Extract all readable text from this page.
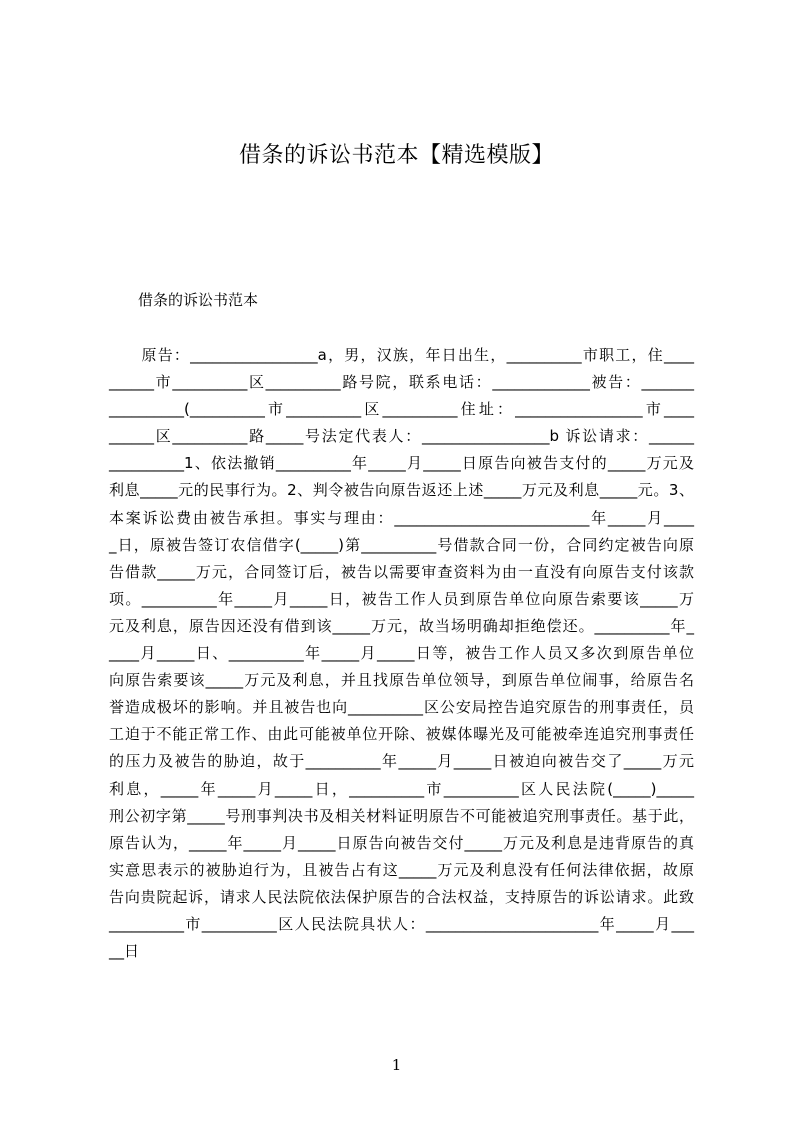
借条的诉讼书范本【精选模版】
借条的诉讼书范本
　　原告：_________________a，男，汉族，年日出生，__________市职工，住____
______市__________区__________路号院，联系电话：_____________被告：_______
__________(__________市__________区__________住址：_________________市____
______区__________路_____号法定代表人：_________________b 诉讼请求：______
__________1、依法撤销__________年_____月_____日原告向被告支付的_____万元及
利息_____元的民事行为。2、判令被告向原告返还上述_____万元及利息_____元。3、
本案诉讼费由被告承担。事实与理由：__________________________年_____月____
_日，原被告签订农信借字(_____)第__________号借款合同一份，合同约定被告向原
告借款_____万元，合同签订后，被告以需要审查资料为由一直没有向原告支付该款
项。__________年_____月_____日，被告工作人员到原告单位向原告索要该_____万
元及利息，原告因还没有借到该_____万元，故当场明确却拒绝偿还。__________年_
____月_____日、__________年_____月_____日等，被告工作人员又多次到原告单位
向原告索要该_____万元及利息，并且找原告单位领导，到原告单位闹事，给原告名
誉造成极坏的影响。并且被告也向__________区公安局控告追究原告的刑事责任，员
工迫于不能正常工作、由此可能被单位开除、被媒体曝光及可能被牵连追究刑事责任
的压力及被告的胁迫，故于__________年_____月_____日被迫向被告交了_____万元
利息，_____年_____月_____日，__________市__________区人民法院(_____)_____
刑公初字第_____号刑事判决书及相关材料证明原告不可能被追究刑事责任。基于此，
原告认为，_____年_____月_____日原告向被告交付_____万元及利息是违背原告的真
实意思表示的被胁迫行为，且被告占有这_____万元及利息没有任何法律依据，故原
告向贵院起诉，请求人民法院依法保护原告的合法权益，支持原告的诉讼请求。此致
__________市__________区人民法院具状人：_______________________年_____月___
__日
1
